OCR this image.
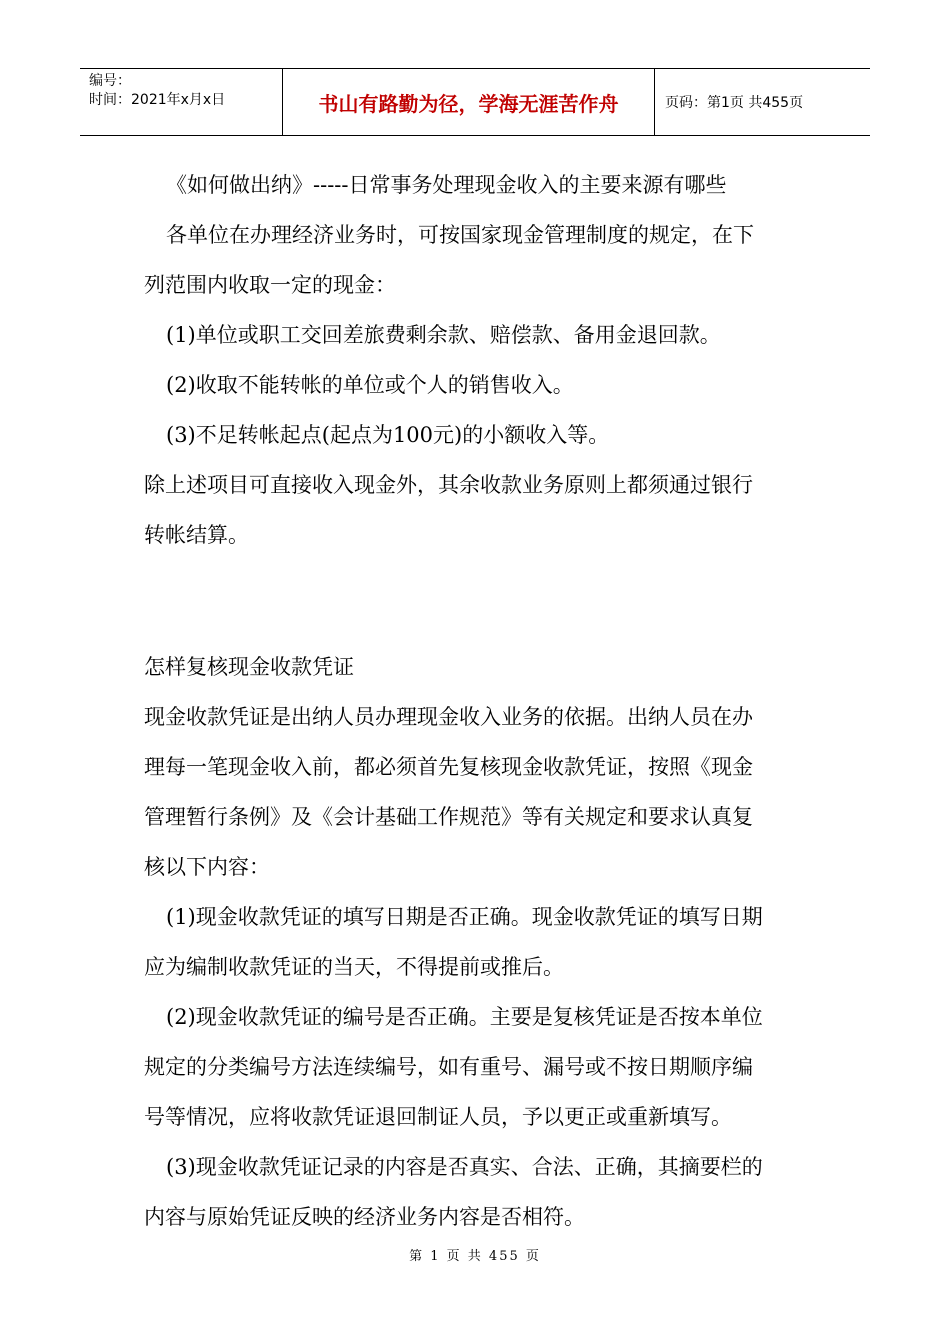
编号：
时间：2021年x月x日	书山有路勤为径，学海无涯苦作舟	页码：第1页 共455页

《如何做出纳》-----日常事务处理现金收入的主要来源有哪些

各单位在办理经济业务时，可按国家现金管理制度的规定，在下

列范围内收取一定的现金：

(1)单位或职工交回差旅费剩余款、赔偿款、备用金退回款。

(2)收取不能转帐的单位或个人的销售收入。

(3)不足转帐起点(起点为100元)的小额收入等。

除上述项目可直接收入现金外，其余收款业务原则上都须通过银行

转帐结算。

怎样复核现金收款凭证

现金收款凭证是出纳人员办理现金收入业务的依据。出纳人员在办

理每一笔现金收入前，都必须首先复核现金收款凭证，按照《现金

管理暂行条例》及《会计基础工作规范》等有关规定和要求认真复

核以下内容：

(1)现金收款凭证的填写日期是否正确。现金收款凭证的填写日期

应为编制收款凭证的当天，不得提前或推后。

(2)现金收款凭证的编号是否正确。主要是复核凭证是否按本单位

规定的分类编号方法连续编号，如有重号、漏号或不按日期顺序编

号等情况，应将收款凭证退回制证人员，予以更正或重新填写。

(3)现金收款凭证记录的内容是否真实、合法、正确，其摘要栏的

内容与原始凭证反映的经济业务内容是否相符。

第 1 页 共 455 页
